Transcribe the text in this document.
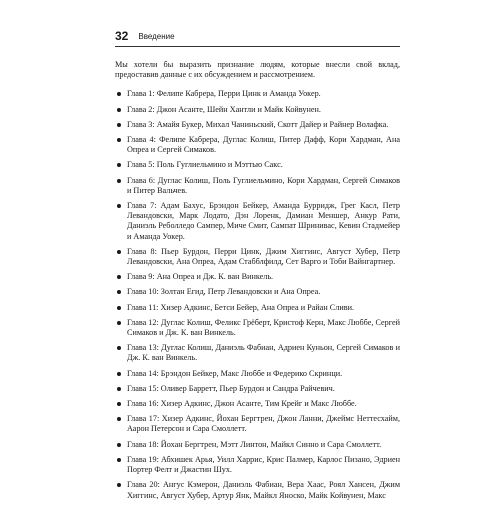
32 Введение

Мы хотели бы выразить признание людям, которые внесли свой вклад, предоставив данные с их обсуждением и рассмотрением.

Глава 1: Фелипе Кабрера, Перри Цинк и Аманда Уокер.
Глава 2: Джон Асанте, Шейн Хантли и Майк Койвунен.
Глава 3: Амайя Букер, Михал Чаниньский, Скотт Дайер и Райнер Волафка.
Глава 4: Фелипе Кабрера, Дуглас Колиш, Питер Дафф, Кори Хардман, Ана Опреа и Сергей Симаков.
Глава 5: Поль Гуглиельмино и Мэттью Сакс.
Глава 6: Дуглас Колиш, Поль Гуглиельмино, Кори Хардман, Сергей Симаков и Питер Вальчев.
Глава 7: Адам Бахус, Брэндон Бейкер, Аманда Бурридж, Грег Касл, Петр Левандовски, Марк Лодато, Дэн Лоренк, Дамиан Меншер, Анкур Рати, Даниэль Реболледо Сампер, Миче Смит, Сампат Шриниваc, Кевин Стадмейер и Аманда Уокер.
Глава 8: Пьер Бурдон, Перри Цинк, Джим Хиггинс, Август Хубер, Петр Левандовски, Ана Опреа, Адам Стабблфилд, Сет Варго и Тоби Вайнгартнер.
Глава 9: Ана Опреа и Дж. К. ван Винкель.
Глава 10: Золтан Егид, Петр Левандовски и Ана Опреа.
Глава 11: Хизер Адкинс, Бетси Бейер, Ана Опреа и Райан Сливи.
Глава 12: Дуглас Колиш, Феликс Грёберт, Кристоф Керн, Макс Люббе, Сергей Симаков и Дж. К. ван Винкель.
Глава 13: Дуглас Колиш, Даниэль Фабиан, Адриен Куньон, Сергей Симаков и Дж. К. ван Винкель.
Глава 14: Брэндон Бейкер, Макс Люббе и Федерико Скринци.
Глава 15: Оливер Барретт, Пьер Бурдон и Сандра Райчевич.
Глава 16: Хизер Адкинс, Джон Асанте, Тим Крейг и Макс Люббе.
Глава 17: Хизер Адкинс, Йохан Бергтрен, Джон Ланни, Джеймс Неттесхайм, Аарон Петерсон и Сара Смоллетт.
Глава 18: Йохан Бергтрен, Мэтт Линтон, Майкл Синно и Сара Смоллетт.
Глава 19: Абхишек Арья, Уилл Харрис, Крис Палмер, Карлос Пизано, Эдриен Портер Фелт и Джастин Шух.
Глава 20: Ангус Кэмерон, Даниэль Фабиан, Вера Хаас, Роял Хансен, Джим Хиггинс, Август Хубер, Артур Янк, Майкл Яноско, Майк Койвунен, Макс
